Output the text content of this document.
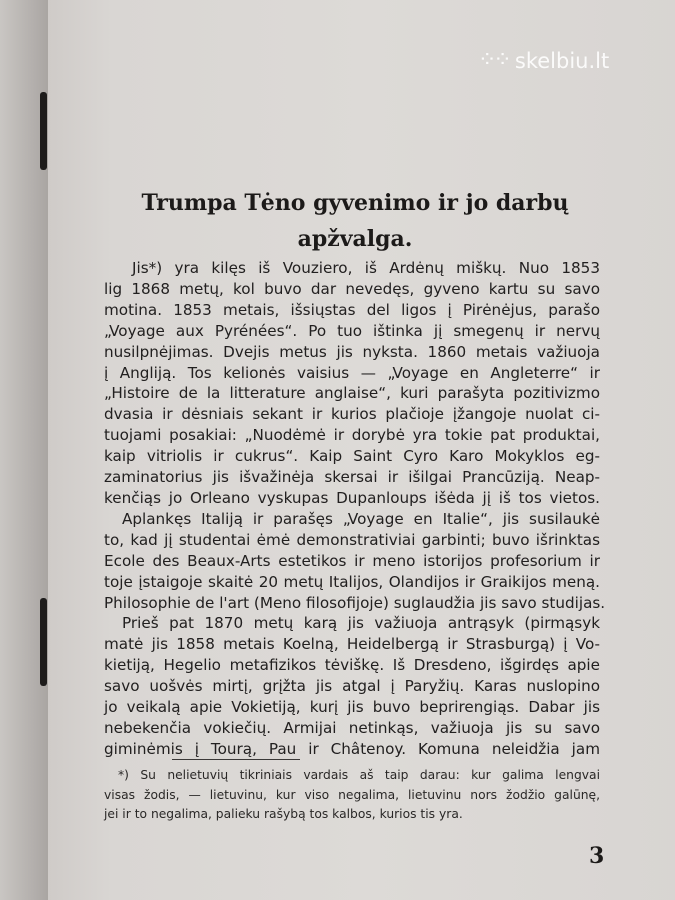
⁘⁘ skelbiu.lt
Trumpa Tėno gyvenimo ir jo darbų
apžvalga.
Jis*) yra kilęs iš Vouziero, iš Ardėnų miškų. Nuo 1853
lig 1868 metų, kol buvo dar nevedęs, gyveno kartu su savo
motina. 1853 metais, išsiųstas del ligos į Pirėnėjus, parašo
„Voyage aux Pyrénées“. Po tuo ištinka jį smegenų ir nervų
nusilpnėjimas. Dvejis metus jis nyksta. 1860 metais važiuoja
į Angliją. Tos kelionės vaisius — „Voyage en Angleterre“ ir
„Histoire de la litterature anglaise“, kuri parašyta pozitivizmo
dvasia ir dėsniais sekant ir kurios plačioje įžangoje nuolat ci-
tuojami posakiai: „Nuodėmė ir dorybė yra tokie pat produktai,
kaip vitriolis ir cukrus“. Kaip Saint Cyro Karo Mokyklos eg-
zaminatorius jis išvažinėja skersai ir išilgai Prancūziją. Neap-
kenčiąs jo Orleano vyskupas Dupanloups išėda jį iš tos vietos.
Aplankęs Italiją ir parašęs „Voyage en Italie“, jis susilaukė
to, kad jį studentai ėmė demonstrativiai garbinti; buvo išrinktas
Ecole des Beaux-Arts estetikos ir meno istorijos profesorium ir
toje įstaigoje skaitė 20 metų Italijos, Olandijos ir Graikijos meną.
Philosophie de l'art (Meno filosofijoje) suglaudžia jis savo studijas.
Prieš pat 1870 metų karą jis važiuoja antrąsyk (pirmąsyk
matė jis 1858 metais Koelną, Heidelbergą ir Strasburgą) į Vo-
kietiją, Hegelio metafizikos tėviškę. Iš Dresdeno, išgirdęs apie
savo uošvės mirtį, grįžta jis atgal į Paryžių. Karas nuslopino
jo veikalą apie Vokietiją, kurį jis buvo beprirengiąs. Dabar jis
nebekenčia vokiečių. Armijai netinkąs, važiuoja jis su savo
giminėmis į Tourą, Pau ir Châtenoy. Komuna neleidžia jam
*) Su nelietuvių tikriniais vardais aš taip darau: kur galima lengvai
visas žodis, — lietuvinu, kur viso negalima, lietuvinu nors žodžio galūnę,
jei ir to negalima, palieku rašybą tos kalbos, kurios tis yra.
3
